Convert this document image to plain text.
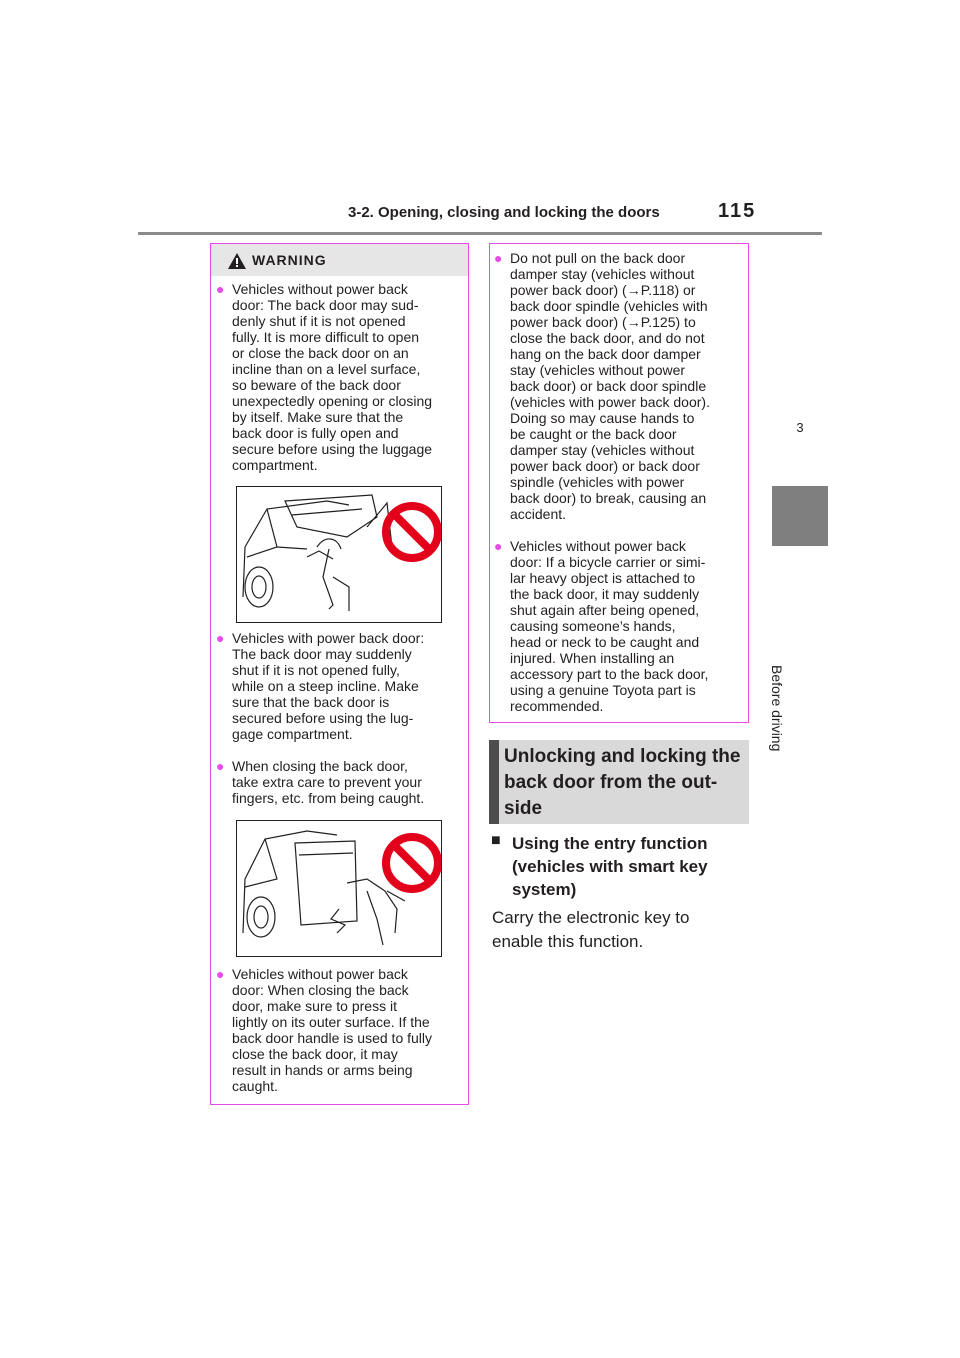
3-2. Opening, closing and locking the doors	115
3
Before driving
WARNING
● Vehicles without power back
door: The back door may sud-
denly shut if it is not opened
fully. It is more difficult to open
or close the back door on an
incline than on a level surface,
so beware of the back door
unexpectedly opening or closing
by itself. Make sure that the
back door is fully open and
secure before using the luggage
compartment.
● Vehicles with power back door:
The back door may suddenly
shut if it is not opened fully,
while on a steep incline. Make
sure that the back door is
secured before using the lug-
gage compartment.
● When closing the back door,
take extra care to prevent your
fingers, etc. from being caught.
● Vehicles without power back
door: When closing the back
door, make sure to press it
lightly on its outer surface. If the
back door handle is used to fully
close the back door, it may
result in hands or arms being
caught.
● Do not pull on the back door
damper stay (vehicles without
power back door) (→P.118) or
back door spindle (vehicles with
power back door) (→P.125) to
close the back door, and do not
hang on the back door damper
stay (vehicles without power
back door) or back door spindle
(vehicles with power back door).
Doing so may cause hands to
be caught or the back door
damper stay (vehicles without
power back door) or back door
spindle (vehicles with power
back door) to break, causing an
accident.
● Vehicles without power back
door: If a bicycle carrier or simi-
lar heavy object is attached to
the back door, it may suddenly
shut again after being opened,
causing someone’s hands,
head or neck to be caught and
injured. When installing an
accessory part to the back door,
using a genuine Toyota part is
recommended.
Unlocking and locking the
back door from the out-
side
■ Using the entry function
(vehicles with smart key
system)
Carry the electronic key to
enable this function.
